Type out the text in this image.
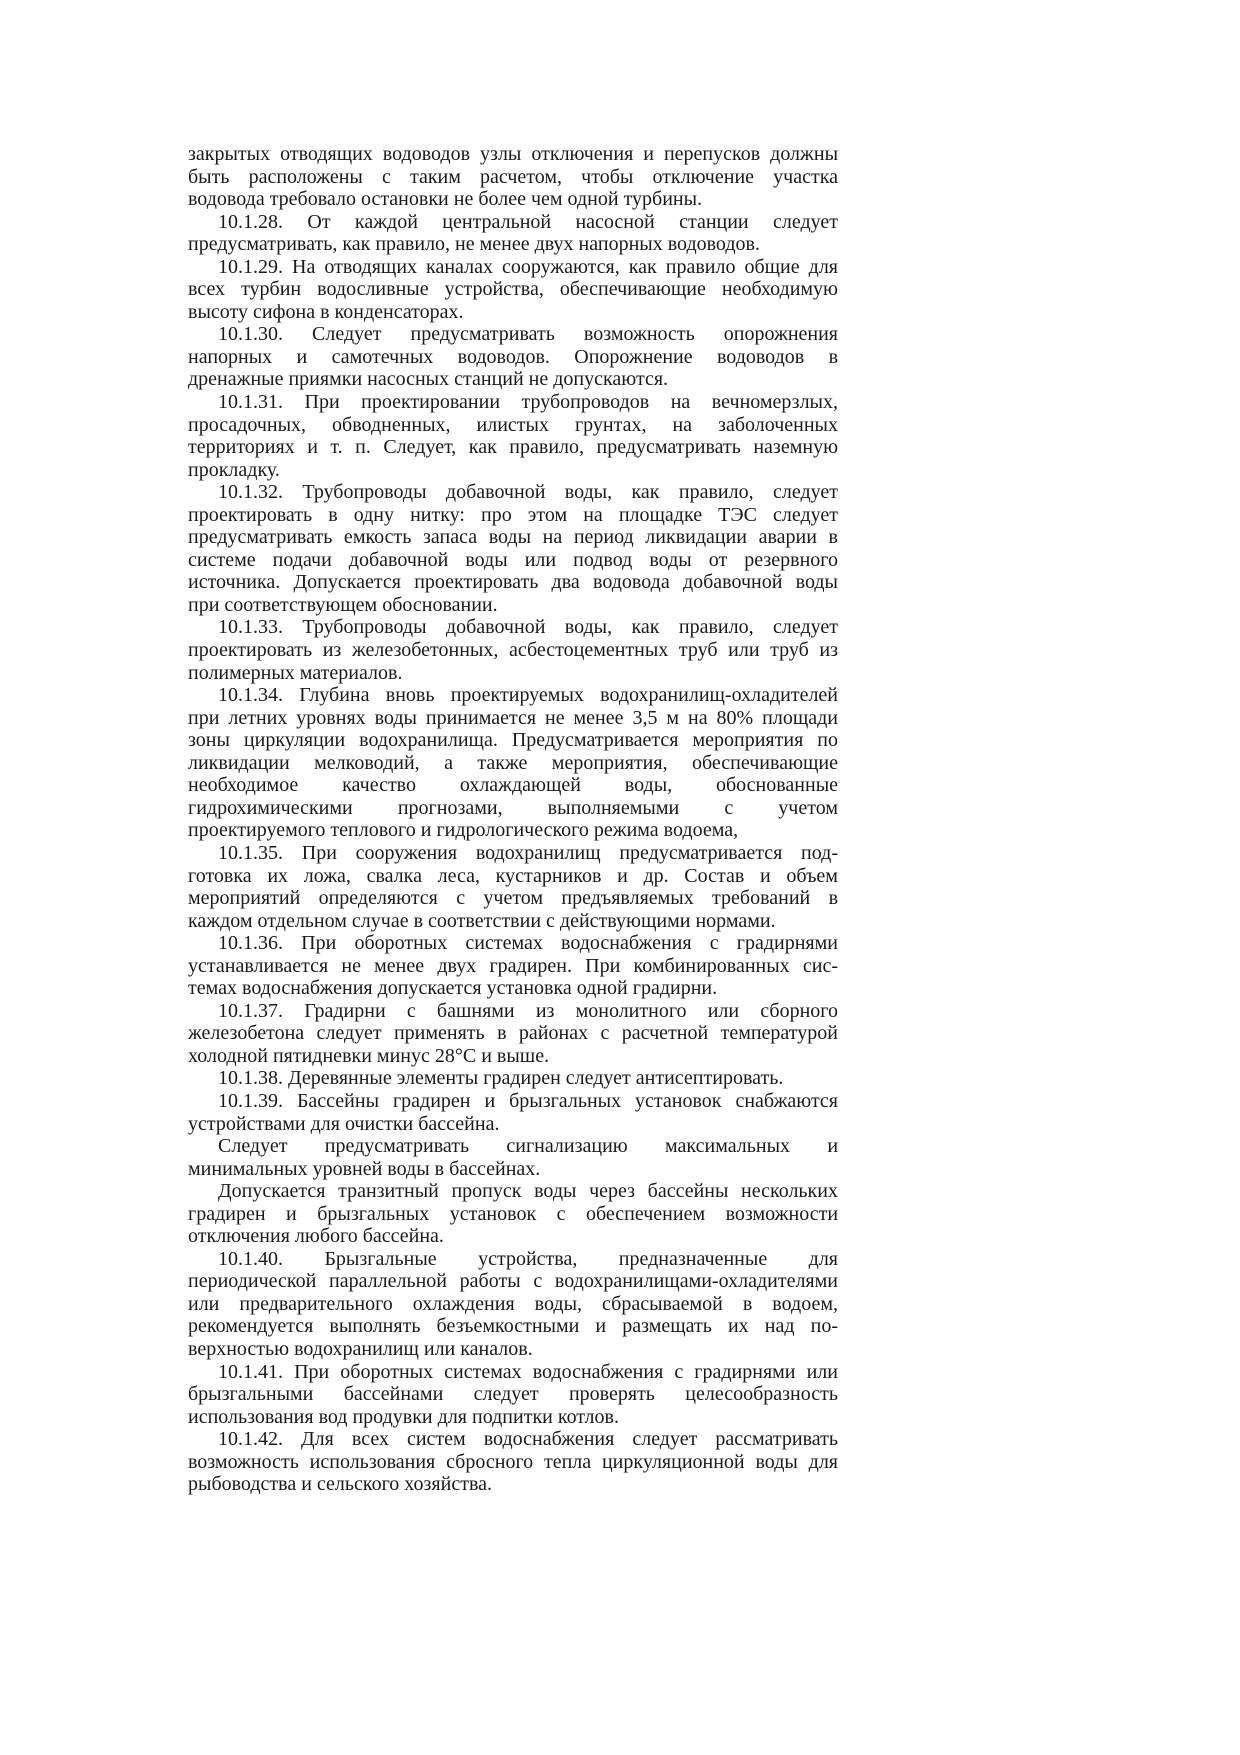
закрытых отводящих водоводов узлы отключения и перепусков должны
быть расположены с таким расчетом, чтобы отключение участка
водовода требовало остановки не более чем одной турбины.
10.1.28. От каждой центральной насосной станции следует
предусматривать, как правило, не менее двух напорных водоводов.
10.1.29. На отводящих каналах сооружаются, как правило общие для
всех турбин водосливные устройства, обеспечивающие необходимую
высоту сифона в конденсаторах.
10.1.30. Следует предусматривать возможность опорожнения
напорных и самотечных водоводов. Опорожнение водоводов в
дренажные приямки насосных станций не допускаются.
10.1.31. При проектировании трубопроводов на вечномерзлых,
просадочных, обводненных, илистых грунтах, на заболоченных
территориях и т. п. Следует, как правило, предусматривать наземную
прокладку.
10.1.32. Трубопроводы добавочной воды, как правило, следует
проектировать в одну нитку: про этом на площадке ТЭС следует
предусматривать емкость запаса воды на период ликвидации аварии в
системе подачи добавочной воды или подвод воды от резервного
источника. Допускается проектировать два водовода добавочной воды
при соответствующем обосновании.
10.1.33. Трубопроводы добавочной воды, как правило, следует
проектировать из железобетонных, асбестоцементных труб или труб из
полимерных материалов.
10.1.34. Глубина вновь проектируемых водохранилищ-охладителей
при летних уровнях воды принимается не менее 3,5 м на 80% площади
зоны циркуляции водохранилища. Предусматривается мероприятия по
ликвидации мелководий, а также мероприятия, обеспечивающие
необходимое качество охлаждающей воды, обоснованные
гидрохимическими прогнозами, выполняемыми с учетом
проектируемого теплового и гидрологического режима водоема,
10.1.35. При сооружения водохранилищ предусматривается под-
готовка их ложа, свалка леса, кустарников и др. Состав и объем
мероприятий определяются с учетом предъявляемых требований в
каждом отдельном случае в соответствии с действующими нормами.
10.1.36. При оборотных системах водоснабжения с градирнями
устанавливается не менее двух градирен. При комбинированных сис-
темах водоснабжения допускается установка одной градирни.
10.1.37. Градирни с башнями из монолитного или сборного
железобетона следует применять в районах с расчетной температурой
холодной пятидневки минус 28°С и выше.
10.1.38. Деревянные элементы градирен следует антисептировать.
10.1.39. Бассейны градирен и брызгальных установок снабжаются
устройствами для очистки бассейна.
Следует предусматривать сигнализацию максимальных и
минимальных уровней воды в бассейнах.
Допускается транзитный пропуск воды через бассейны нескольких
градирен и брызгальных установок с обеспечением возможности
отключения любого бассейна.
10.1.40. Брызгальные устройства, предназначенные для
периодической параллельной работы с водохранилищами-охладителями
или предварительного охлаждения воды, сбрасываемой в водоем,
рекомендуется выполнять безъемкостными и размещать их над по-
верхностью водохранилищ или каналов.
10.1.41. При оборотных системах водоснабжения с градирнями или
брызгальными бассейнами следует проверять целесообразность
использования вод продувки для подпитки котлов.
10.1.42. Для всех систем водоснабжения следует рассматривать
возможность использования сбросного тепла циркуляционной воды для
рыбоводства и сельского хозяйства.
